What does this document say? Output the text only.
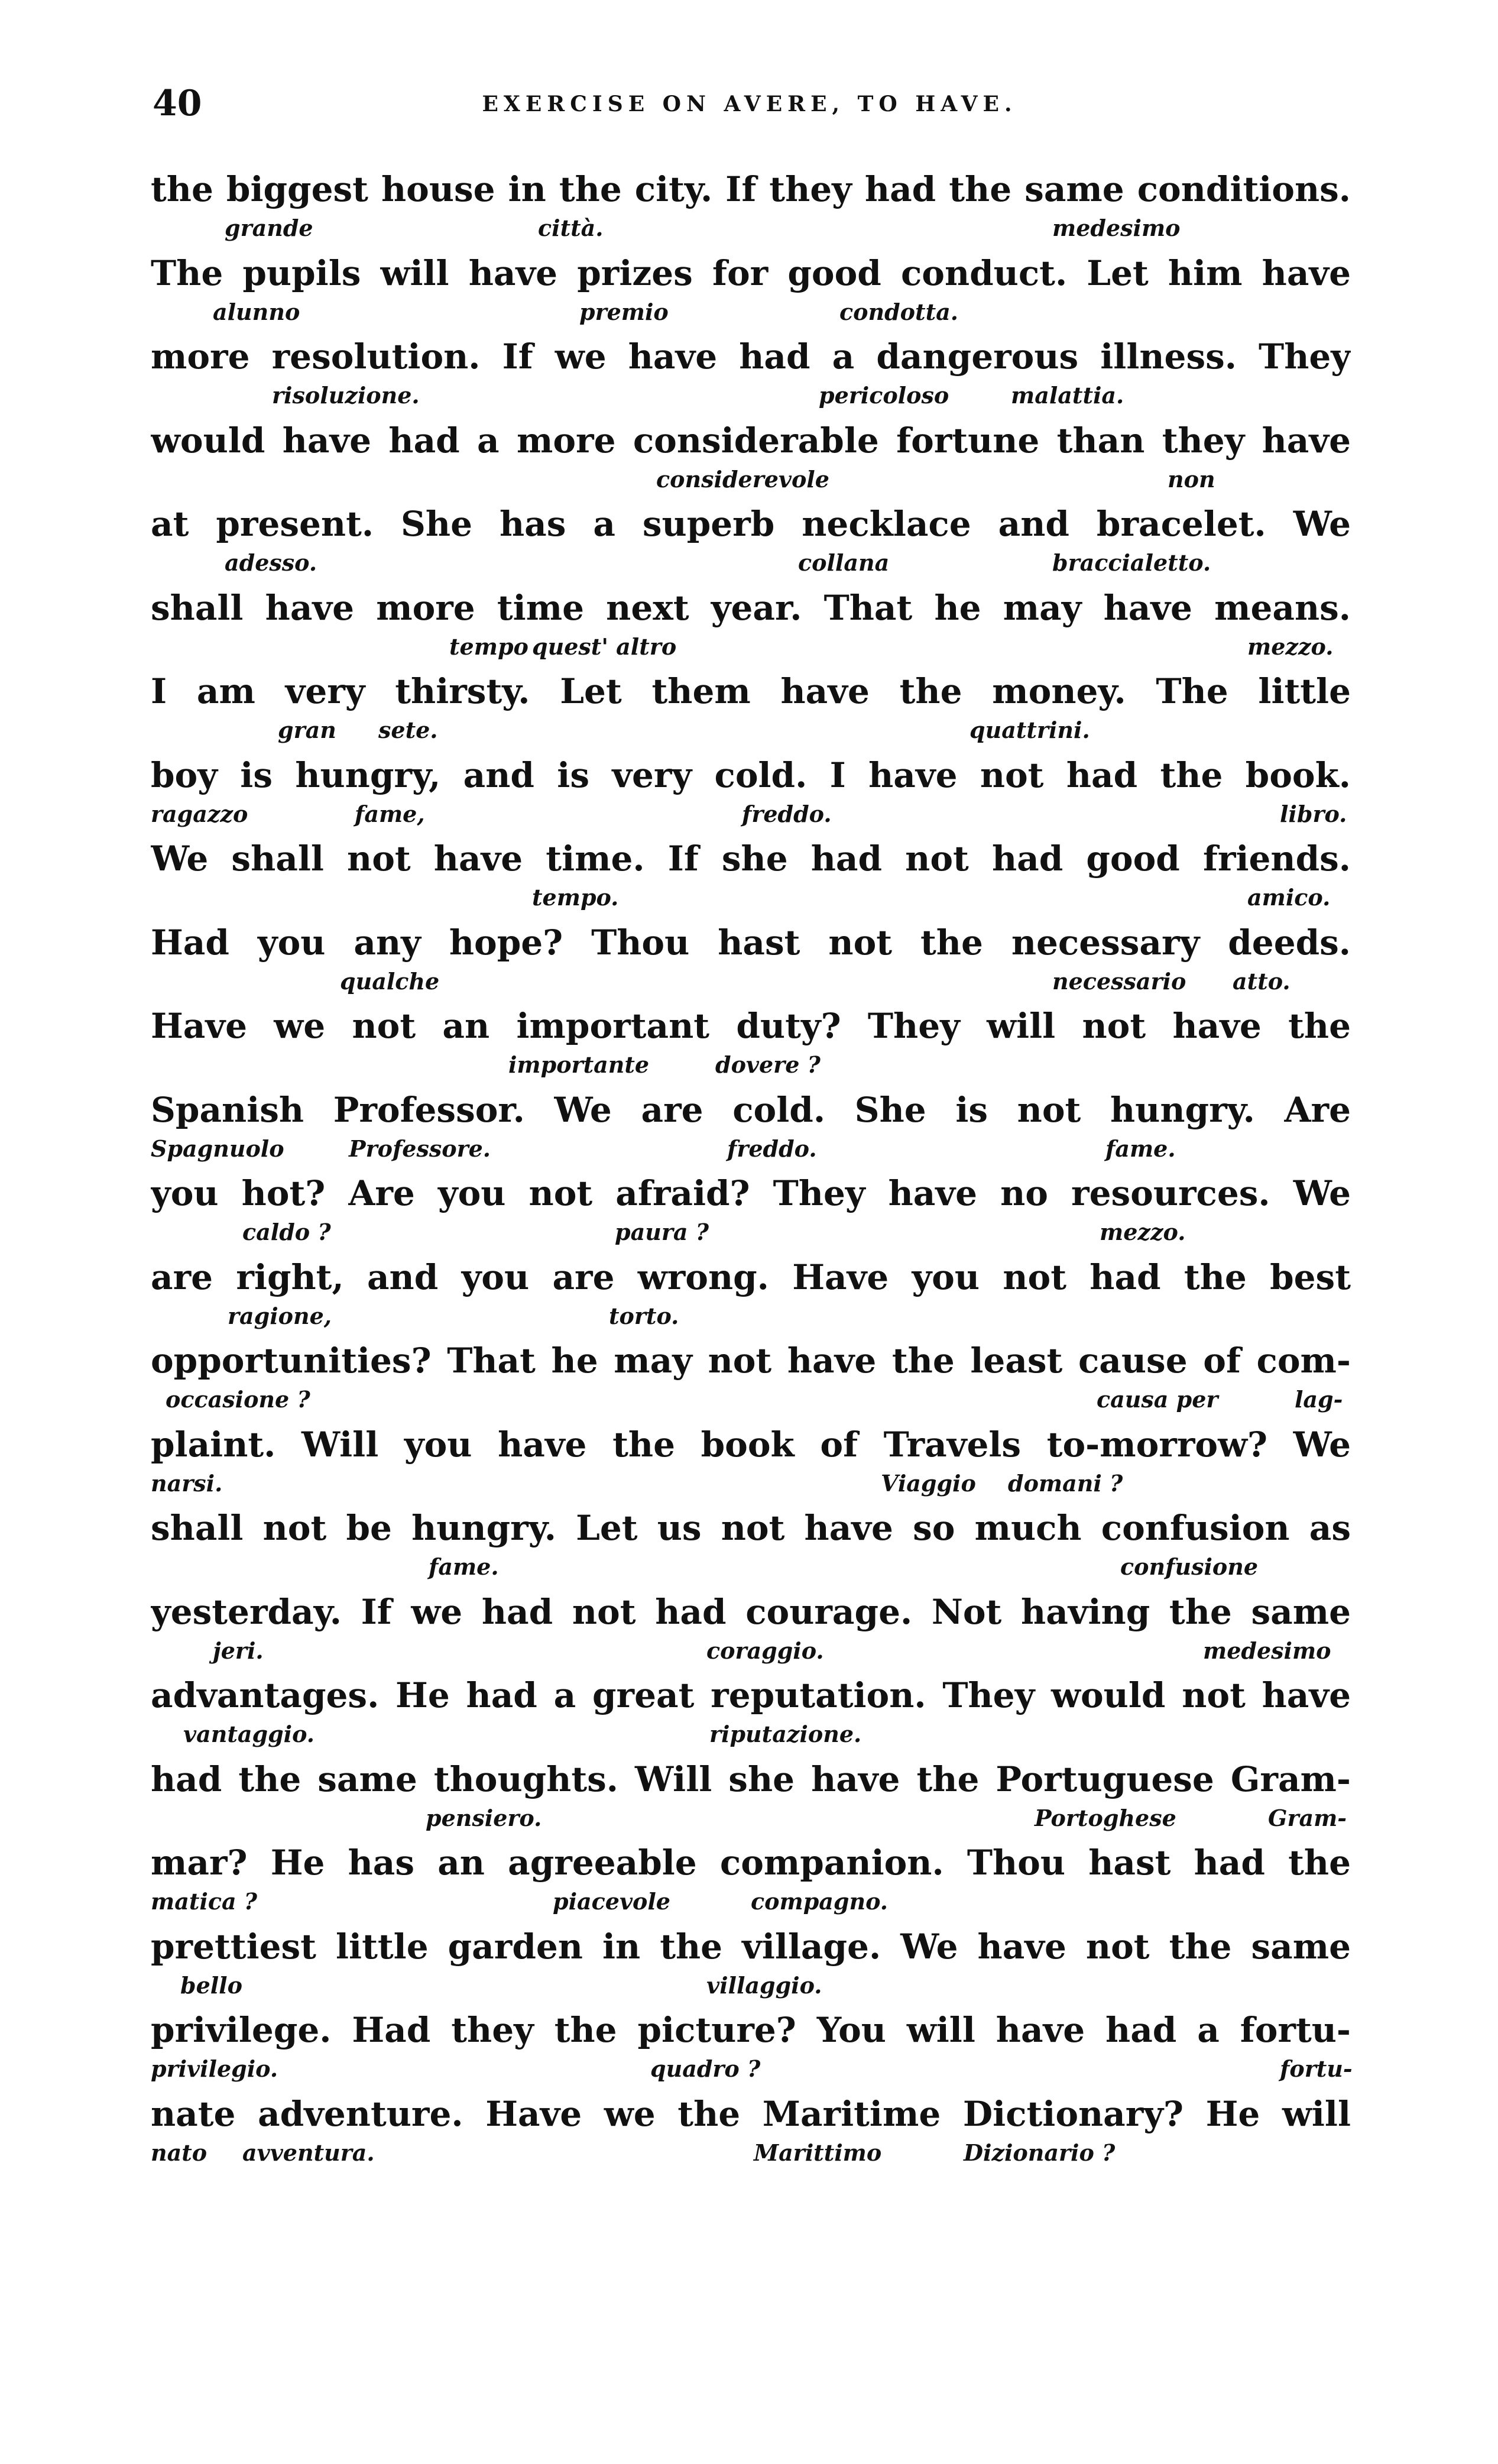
40	EXERCISE ON AVERE, TO HAVE.
the biggest house in the city. If they had the same conditions.
grande	città.	medesimo
The pupils will have prizes for good conduct. Let him have
alunno	premio	condotta.
more resolution. If we have had a dangerous illness. They
risoluzione.	pericoloso	malattia.
would have had a more considerable fortune than they have
considerevole	non
at present. She has a superb necklace and bracelet. We
adesso.	collana	braccialetto.
shall have more time next year. That he may have means.
tempo quest' altro	mezzo.
I am very thirsty. Let them have the money. The little
gran sete.	quattrini.
boy is hungry, and is very cold. I have not had the book.
ragazzo	fame,	freddo.	libro.
We shall not have time. If she had not had good friends.
tempo.	amico.
Had you any hope? Thou hast not the necessary deeds.
qualche	necessario atto.
Have we not an important duty? They will not have the
importante	dovere ?
Spanish Professor. We are cold. She is not hungry. Are
Spagnuolo	Professore.	freddo.	fame.
you hot? Are you not afraid? They have no resources. We
caldo ?	paura ?	mezzo.
are right, and you are wrong. Have you not had the best
ragione,	torto.
opportunities? That he may not have the least cause of com-
occasione ?	causa per	lag-
plaint. Will you have the book of Travels to-morrow? We
narsi.	Viaggio domani ?
shall not be hungry. Let us not have so much confusion as
fame.	confusione
yesterday. If we had not had courage. Not having the same
jeri.	coraggio.	medesimo
advantages. He had a great reputation. They would not have
vantaggio.	riputazione.
had the same thoughts. Will she have the Portuguese Gram-
pensiero.	Portoghese	Gram-
mar? He has an agreeable companion. Thou hast had the
matica ?	piacevole	compagno.
prettiest little garden in the village. We have not the same
bello	villaggio.
privilege. Had they the picture? You will have had a fortu-
privilegio.	quadro ?	fortu-
nate adventure. Have we the Maritime Dictionary? He will
nato avventura.	Marittimo	Dizionario ?
